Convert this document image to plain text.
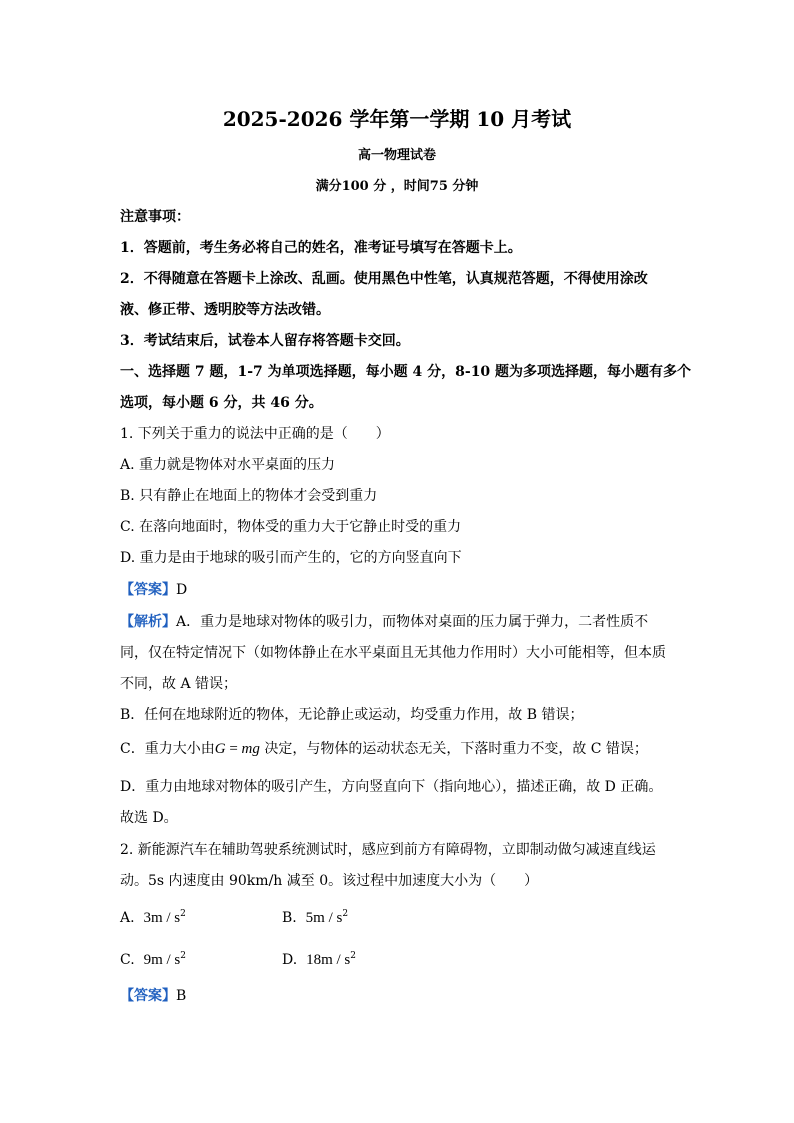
2025-2026 学年第一学期 10 月考试
高一物理试卷
满分100 分 ，时间75 分钟
注意事项：
1．答题前，考生务必将自己的姓名，准考证号填写在答题卡上。
2．不得随意在答题卡上涂改、乱画。使用黑色中性笔，认真规范答题，不得使用涂改
液、修正带、透明胶等方法改错。
3．考试结束后，试卷本人留存将答题卡交回。
一、选择题 7 题，1-7 为单项选择题，每小题 4 分，8-10 题为多项选择题，每小题有多个
选项，每小题 6 分，共 46 分。
1. 下列关于重力的说法中正确的是（　　）
A. 重力就是物体对水平桌面的压力
B. 只有静止在地面上的物体才会受到重力
C. 在落向地面时，物体受的重力大于它静止时受的重力
D. 重力是由于地球的吸引而产生的，它的方向竖直向下
【答案】D
【解析】A．重力是地球对物体的吸引力，而物体对桌面的压力属于弹力，二者性质不
同，仅在特定情况下（如物体静止在水平桌面且无其他力作用时）大小可能相等，但本质
不同，故 A 错误；
B．任何在地球附近的物体，无论静止或运动，均受重力作用，故 B 错误；
C．重力大小由G = mg 决定，与物体的运动状态无关，下落时重力不变，故 C 错误；
D．重力由地球对物体的吸引产生，方向竖直向下（指向地心），描述正确，故 D 正确。
故选 D。
2. 新能源汽车在辅助驾驶系统测试时，感应到前方有障碍物，立即制动做匀减速直线运
动。5s 内速度由 90km/h 减至 0。该过程中加速度大小为（　　）
A. $3m / s^2$	B. $5m / s^2$
C. $9m / s^2$	D. $18m / s^2$
【答案】B
